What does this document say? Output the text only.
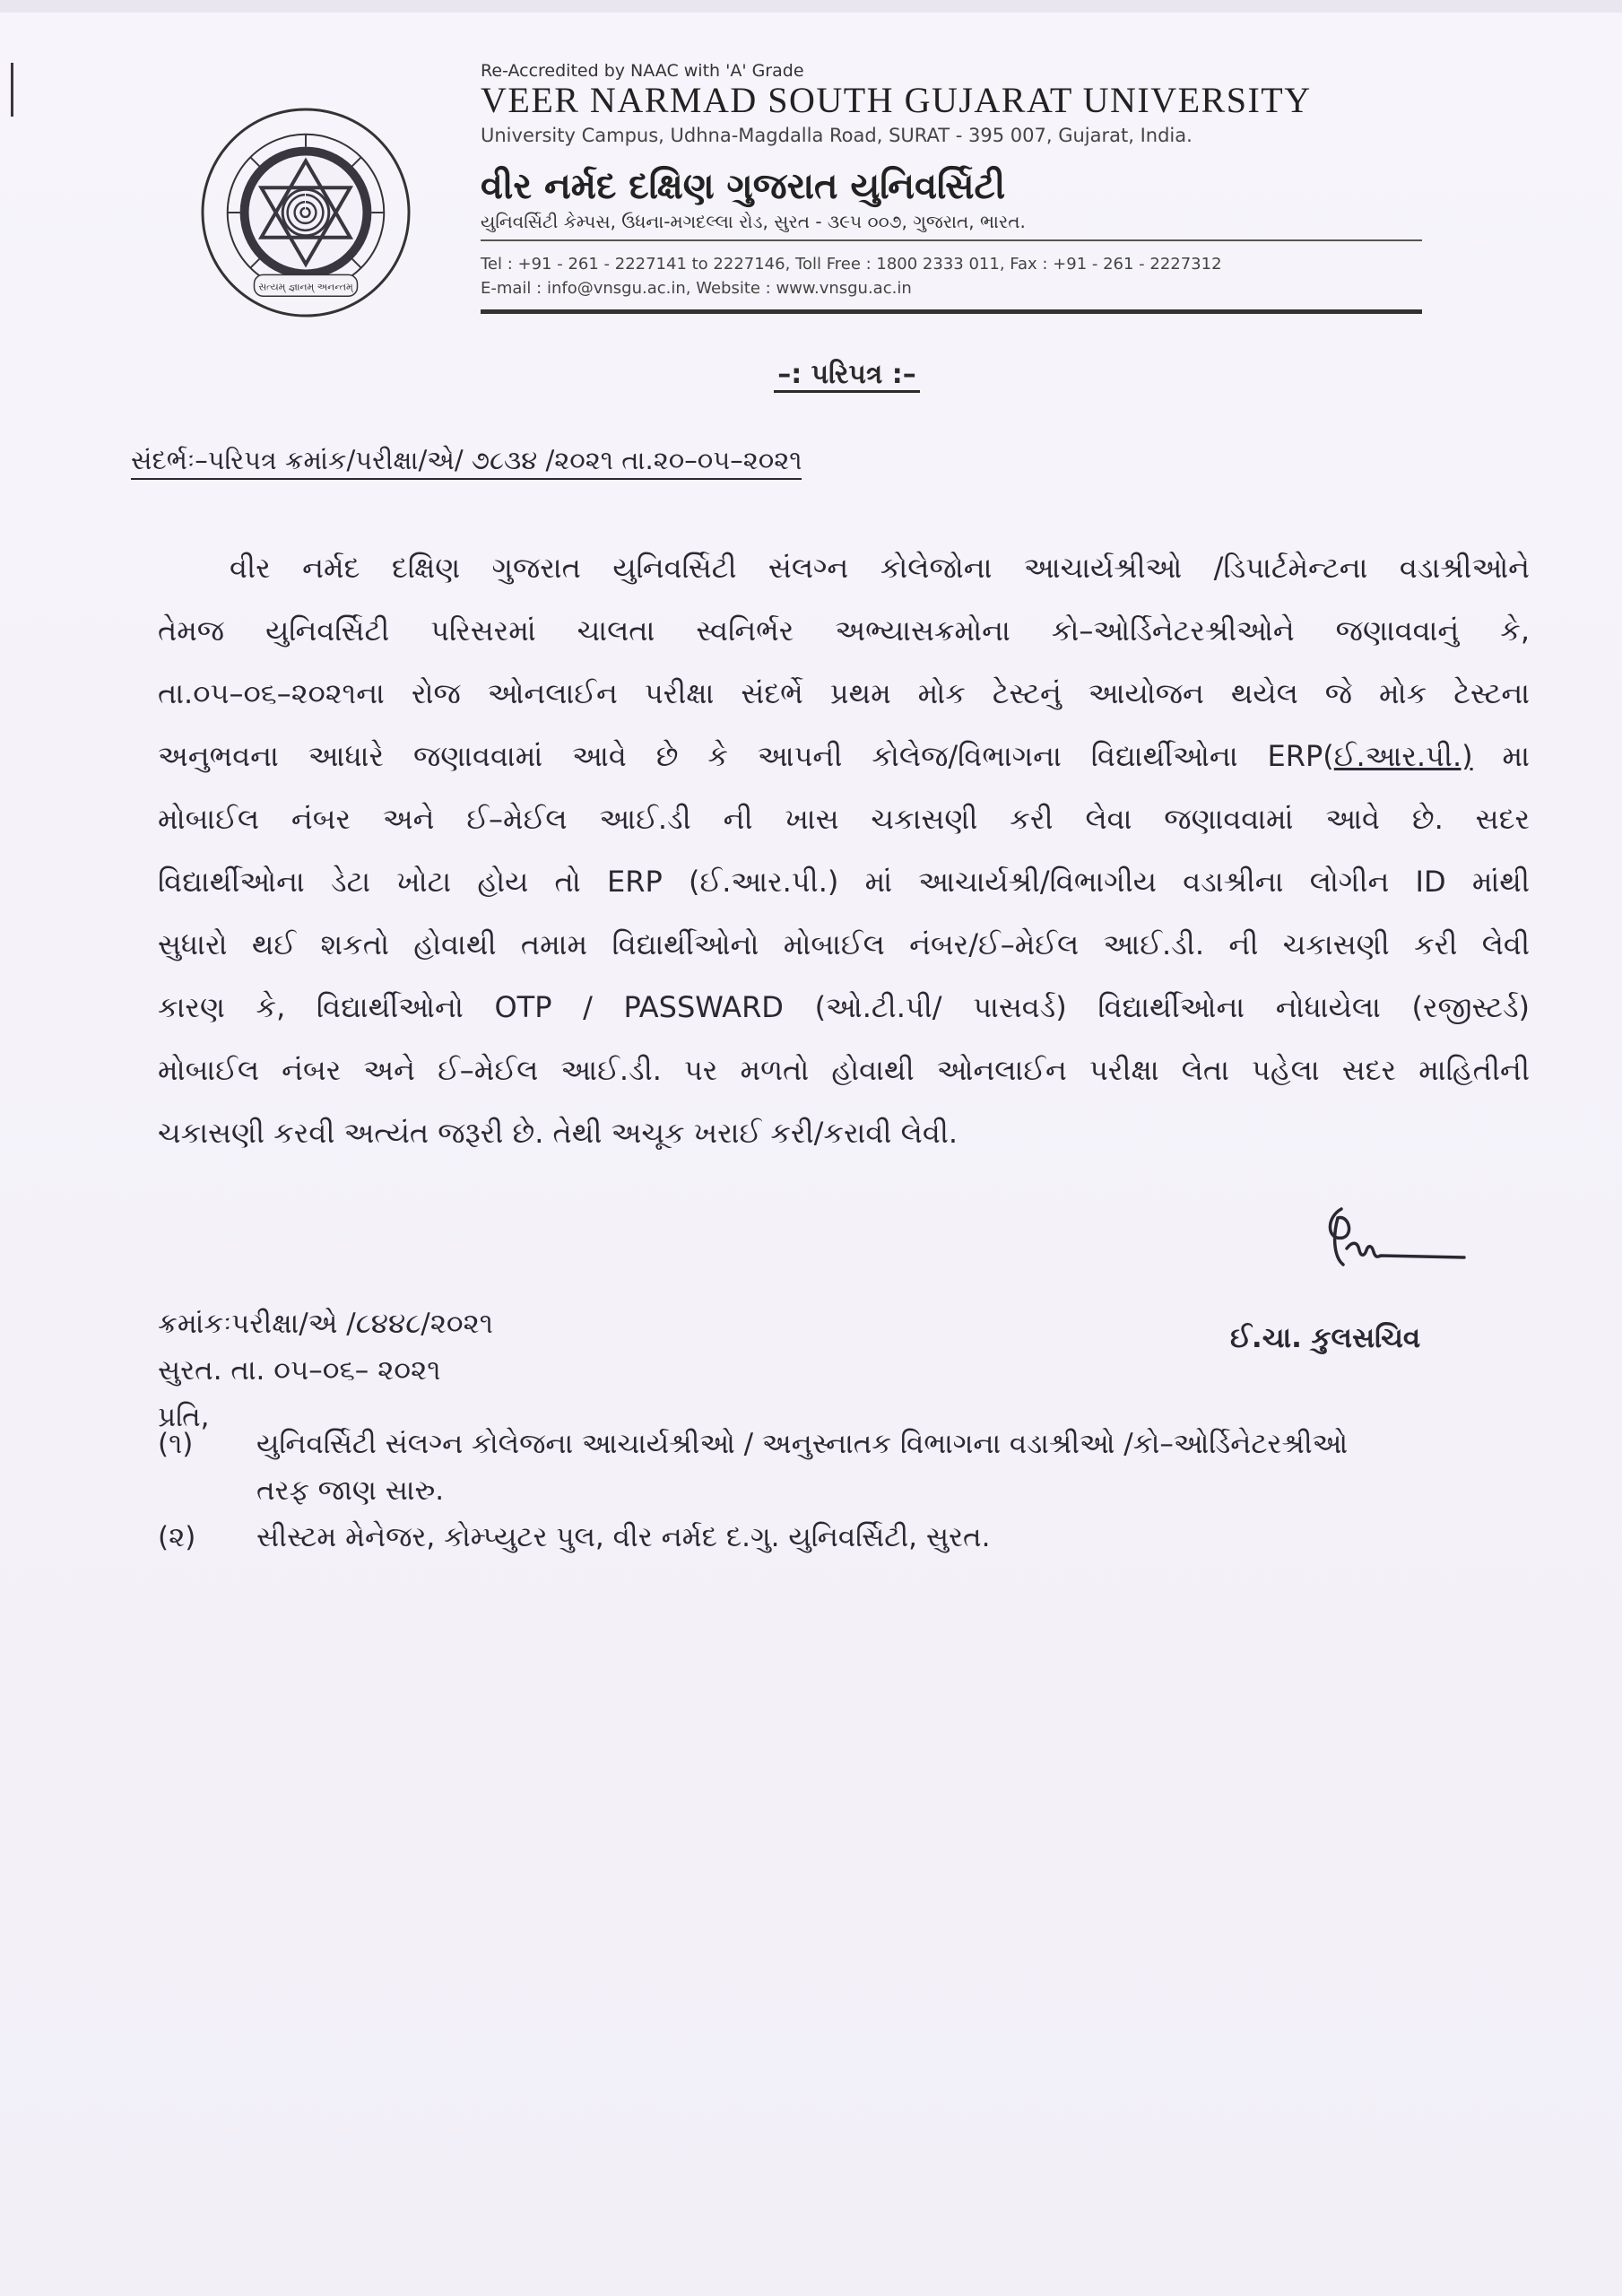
સત્યમ્ જ્ઞાનમ્ અનન્તમ્
Re-Accredited by NAAC with 'A' Grade
VEER NARMAD SOUTH GUJARAT UNIVERSITY
University Campus, Udhna-Magdalla Road, SURAT - 395 007, Gujarat, India.
વીર નર્મદ દક્ષિણ ગુજરાત યુનિવર્સિટી
યુનિવર્સિટી કેમ્પસ, ઉધના-મગદલ્લા રોડ, સુરત - ૩૯૫ ૦૦૭, ગુજરાત, ભારત.
Tel : +91 - 261 - 2227141 to 2227146, Toll Free : 1800 2333 011, Fax : +91 - 261 - 2227312
E-mail : info@vnsgu.ac.in, Website : www.vnsgu.ac.in
–: પરિપત્ર :–
સંદર્ભઃ–પરિપત્ર ક્રમાંક/પરીક્ષા/એ/ ૭૮૩૪ /૨૦૨૧ તા.૨૦–૦૫–૨૦૨૧
વીર નર્મદ દક્ષિણ ગુજરાત યુનિવર્સિટી સંલગ્ન કોલેજોના આચાર્યશ્રીઓ /ડિપાર્ટમેન્ટના વડાશ્રીઓને
તેમજ યુનિવર્સિટી પરિસરમાં ચાલતા સ્વનિર્ભર અભ્યાસક્રમોના કો–ઓર્ડિનેટરશ્રીઓને જણાવવાનું કે,
તા.૦૫–૦૬–૨૦૨૧ના રોજ ઓનલાઈન પરીક્ષા સંદર્ભે પ્રથમ મોક ટેસ્ટનું આયોજન થયેલ જે મોક ટેસ્ટના
અનુભવના આધારે જણાવવામાં આવે છે કે આપની કોલેજ/વિભાગના વિદ્યાર્થીઓના ERP(ઈ.આર.પી.) મા
મોબાઈલ નંબર અને ઈ–મેઈલ આઈ.ડી ની ખાસ ચકાસણી કરી લેવા જણાવવામાં આવે છે. સદર
વિદ્યાર્થીઓના ડેટા ખોટા હોય તો ERP (ઈ.આર.પી.) માં આચાર્યશ્રી/વિભાગીય વડાશ્રીના લોગીન ID માંથી
સુધારો થઈ શકતો હોવાથી તમામ વિદ્યાર્થીઓનો મોબાઈલ નંબર/ઈ–મેઈલ આઈ.ડી. ની ચકાસણી કરી લેવી
કારણ કે, વિદ્યાર્થીઓનો OTP / PASSWARD (ઓ.ટી.પી/ પાસવર્ડ) વિદ્યાર્થીઓના નોધાયેલા (રજીસ્ટર્ડ)
મોબાઈલ નંબર અને ઈ–મેઈલ આઈ.ડી. પર મળતો હોવાથી ઓનલાઈન પરીક્ષા લેતા પહેલા સદર માહિતીની
ચકાસણી કરવી અત્યંત જરૂરી છે. તેથી અચૂક ખરાઈ કરી/કરાવી લેવી.
ક્રમાંકઃપરીક્ષા/એ /૮૪૪૮/૨૦૨૧
સુરત. તા. ૦૫–૦૬– ૨૦૨૧
પ્રતિ,
ઈ.ચા. કુલસચિવ
(૧)	યુનિવર્સિટી સંલગ્ન કોલેજના આચાર્યશ્રીઓ / અનુસ્નાતક વિભાગના વડાશ્રીઓ /કો–ઓર્ડિનેટરશ્રીઓ
તરફ જાણ સારુ.
(૨)	સીસ્ટમ મેનેજર, કોમ્પ્યુટર પુલ, વીર નર્મદ દ.ગુ. યુનિવર્સિટી, સુરત.
